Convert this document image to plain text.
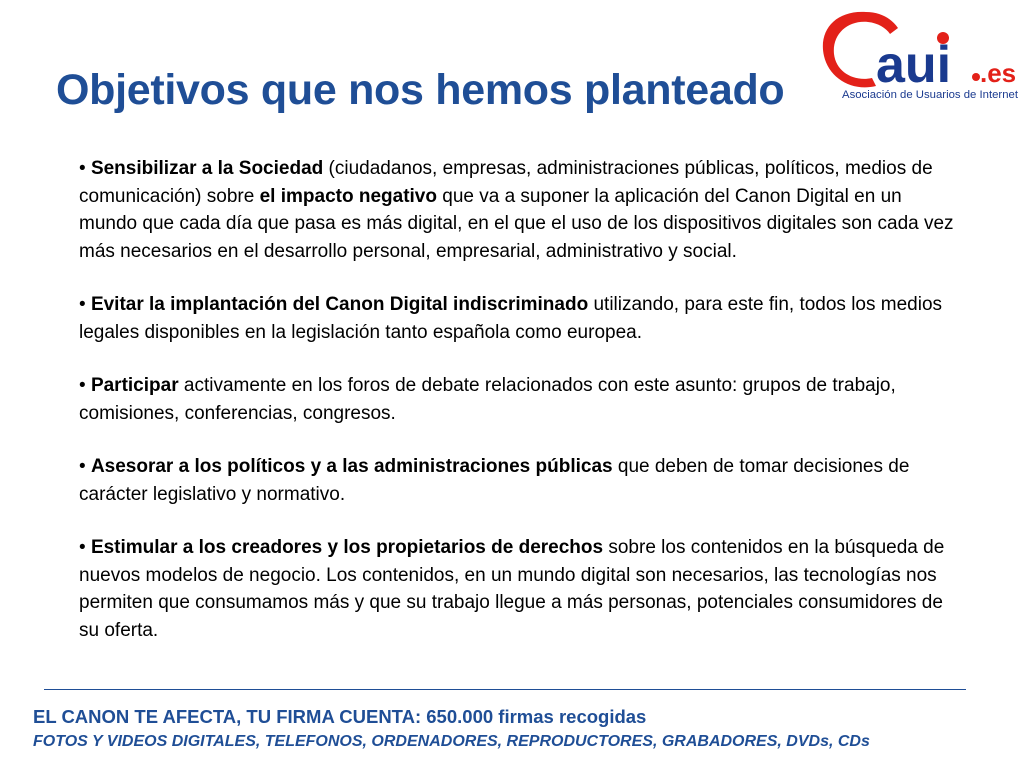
aui .es
Asociación de Usuarios de Internet
Objetivos que nos hemos planteado

• Sensibilizar a la Sociedad (ciudadanos, empresas, administraciones públicas, políticos, medios de comunicación) sobre el impacto negativo que va a suponer la aplicación del Canon Digital en un mundo que cada día que pasa es más digital, en el que el uso de los dispositivos digitales son cada vez más necesarios en el desarrollo personal, empresarial, administrativo y social.

• Evitar la implantación del Canon Digital indiscriminado utilizando, para este fin, todos los medios legales disponibles en la legislación tanto española como europea.

• Participar activamente en los foros de debate relacionados con este asunto: grupos de trabajo, comisiones, conferencias, congresos.

• Asesorar a los políticos y a las administraciones públicas que deben de tomar decisiones de carácter legislativo y normativo.

• Estimular a los creadores y los propietarios de derechos sobre los contenidos en la búsqueda de nuevos modelos de negocio. Los contenidos, en un mundo digital son necesarios, las tecnologías nos permiten que consumamos más y que su trabajo llegue a más personas, potenciales consumidores de su oferta.

EL CANON TE AFECTA, TU FIRMA CUENTA: 650.000 firmas recogidas
FOTOS Y VIDEOS DIGITALES, TELEFONOS, ORDENADORES, REPRODUCTORES, GRABADORES, DVDs, CDs
